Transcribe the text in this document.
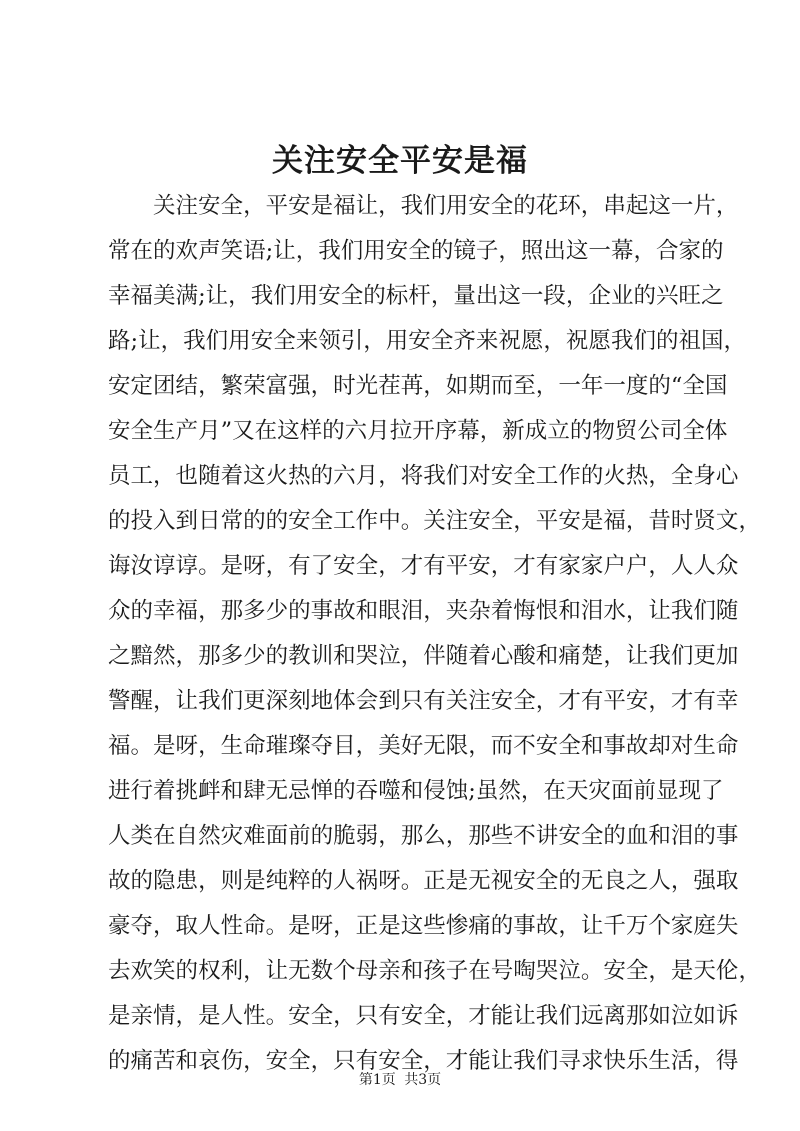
关注安全平安是福
关 注 安 全 ， 平 安 是 福 让 ， 我 们 用 安 全 的 花 环 ， 串 起 这 一 片 ，
常 在 的 欢 声 笑 语 ; 让 ， 我 们 用 安 全 的 镜 子 ， 照 出 这 一 幕 ， 合 家 的
幸 福 美 满 ; 让 ， 我 们 用 安 全 的 标 杆 ， 量 出 这 一 段 ， 企 业 的 兴 旺 之
路 ; 让 ， 我 们 用 安 全 来 领 引 ， 用 安 全 齐 来 祝 愿 ， 祝 愿 我 们 的 祖 国 ，
安 定 团 结 ， 繁 荣 富 强 ， 时 光 茬 苒 ， 如 期 而 至 ， 一 年 一 度 的 “ 全 国
安 全 生 产 月 ” 又 在 这 样 的 六 月 拉 开 序 幕 ， 新 成 立 的 物 贸 公 司 全 体
员 工 ， 也 随 着 这 火 热 的 六 月 ， 将 我 们 对 安 全 工 作 的 火 热 ， 全 身 心
的 投 入 到 日 常 的 的 安 全 工 作 中 。 关 注 安 全 ， 平 安 是 福 ， 昔 时 贤 文 ，
诲 汝 谆 谆 。 是 呀 ， 有 了 安 全 ， 才 有 平 安 ， 才 有 家 家 户 户 ， 人 人 众
众 的 幸 福 ， 那 多 少 的 事 故 和 眼 泪 ， 夹 杂 着 悔 恨 和 泪 水 ， 让 我 们 随
之 黯 然 ， 那 多 少 的 教 训 和 哭 泣 ， 伴 随 着 心 酸 和 痛 楚 ， 让 我 们 更 加
警 醒 ， 让 我 们 更 深 刻 地 体 会 到 只 有 关 注 安 全 ， 才 有 平 安 ， 才 有 幸
福 。 是 呀 ， 生 命 璀 璨 夺 目 ， 美 好 无 限 ， 而 不 安 全 和 事 故 却 对 生 命
进 行 着 挑 衅 和 肆 无 忌 惮 的 吞 噬 和 侵 蚀 ; 虽 然 ， 在 天 灾 面 前 显 现 了
人 类 在 自 然 灾 难 面 前 的 脆 弱 ， 那 么 ， 那 些 不 讲 安 全 的 血 和 泪 的 事
故 的 隐 患 ， 则 是 纯 粹 的 人 祸 呀 。 正 是 无 视 安 全 的 无 良 之 人 ， 强 取
豪 夺 ， 取 人 性 命 。 是 呀 ， 正 是 这 些 惨 痛 的 事 故 ， 让 千 万 个 家 庭 失
去 欢 笑 的 权 利 ， 让 无 数 个 母 亲 和 孩 子 在 号 啕 哭 泣 。 安 全 ， 是 天 伦 ，
是 亲 情 ， 是 人 性 。 安 全 ， 只 有 安 全 ， 才 能 让 我 们 远 离 那 如 泣 如 诉
的 痛 苦 和 哀 伤 ， 安 全 ， 只 有 安 全 ， 才 能 让 我 们 寻 求 快 乐 生 活 ， 得
第1页 共3页
